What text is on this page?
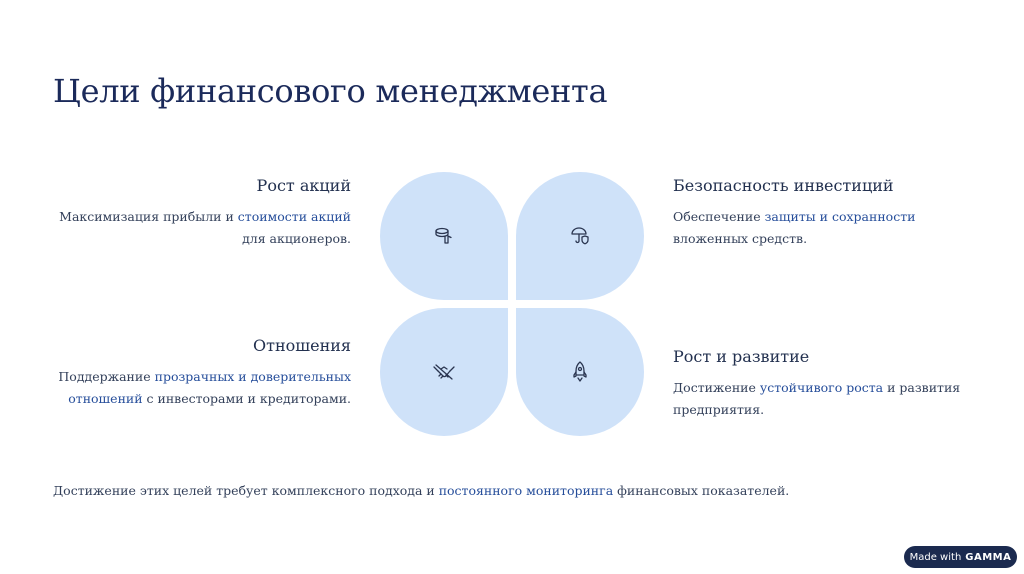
Цели финансового менеджмента

Рост акций

Максимизация прибыли и стоимости акций
для акционеров.

Безопасность инвестиций

Обеспечение защиты и сохранности
вложенных средств.

Отношения

Поддержание прозрачных и доверительных
отношений с инвесторами и кредиторами.

Рост и развитие

Достижение устойчивого роста и развития
предприятия.

Достижение этих целей требует комплексного подхода и постоянного мониторинга финансовых показателей.

Made with GAMMA
